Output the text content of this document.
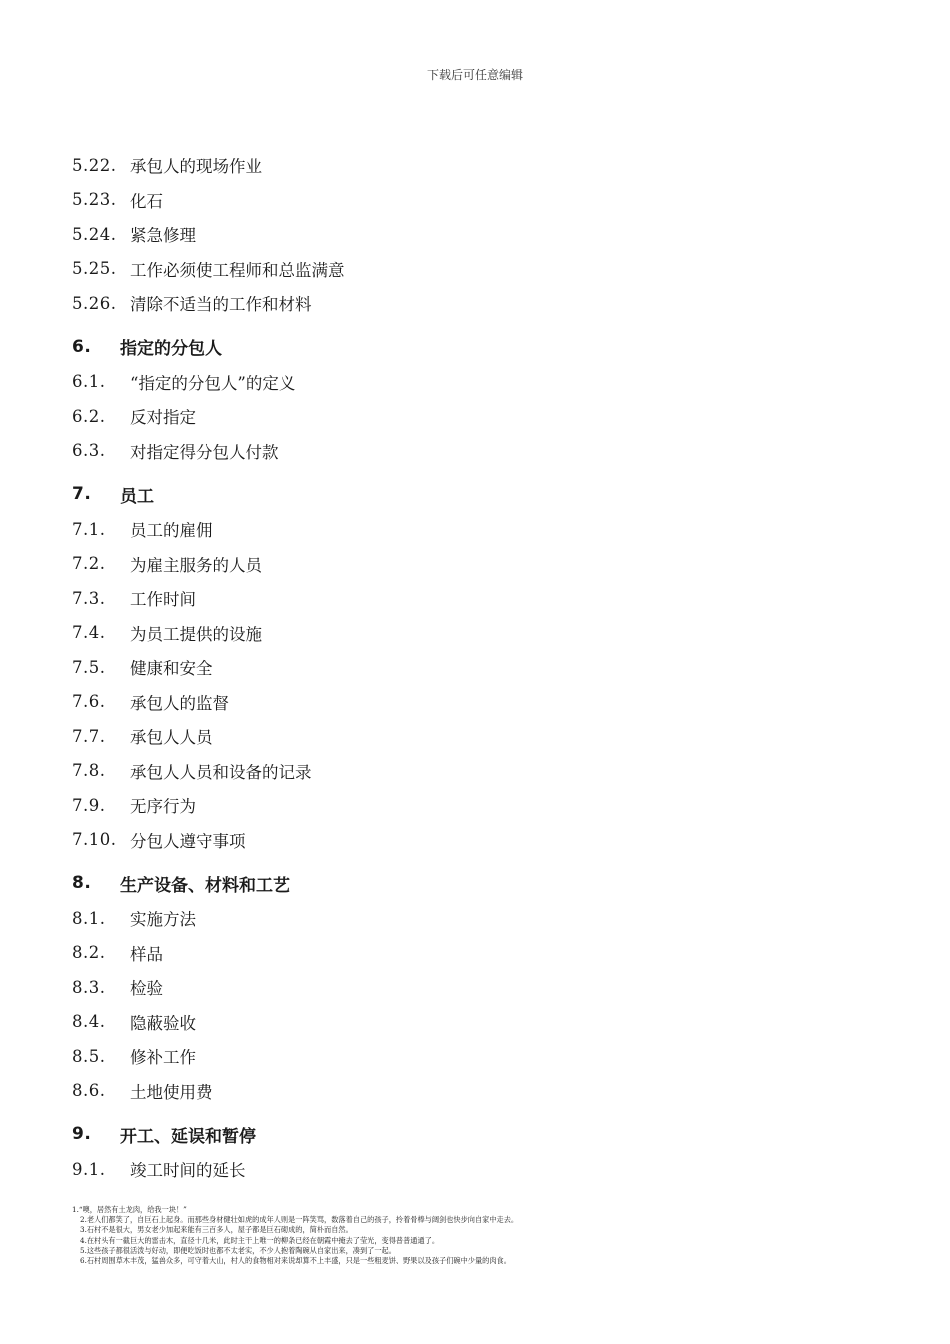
下载后可任意编辑
5.22. 承包人的现场作业
5.23. 化石
5.24. 紧急修理
5.25. 工作必须使工程师和总监满意
5.26. 清除不适当的工作和材料
6.	指定的分包人
6.1.	“指定的分包人”的定义
6.2.	反对指定
6.3.	对指定得分包人付款
7.	员工
7.1.	员工的雇佣
7.2.	为雇主服务的人员
7.3.	工作时间
7.4.	为员工提供的设施
7.5.	健康和安全
7.6.	承包人的监督
7.7.	承包人人员
7.8.	承包人人员和设备的记录
7.9.	无序行为
7.10. 分包人遵守事项
8.	生产设备、材料和工艺
8.1.	实施方法
8.2.	样品
8.3.	检验
8.4.	隐蔽验收
8.5.	修补工作
8.6.	土地使用费
9.	开工、延误和暂停
9.1.	竣工时间的延长
1.“噢，居然有土龙肉，给我一块！”
2.老人们都笑了，自巨石上起身。而那些身材健壮如虎的成年人则是一阵笑骂，数落着自己的孩子，拎着骨棒与阔剑也快步向自家中走去。
3.石村不是很大，男女老少加起来能有三百多人，屋子都是巨石砌成的，简朴而自然。
4.在村头有一截巨大的雷击木，直径十几米，此时主干上唯一的柳条已经在朝霞中掩去了莹光，变得普普通通了。
5.这些孩子都很活泼与好动，即便吃饭时也都不太老实，不少人抱着陶碗从自家出来，凑到了一起。
6.石村周围草木丰茂，猛兽众多，可守着大山，村人的食物相对来说却算不上丰盛，只是一些粗麦饼、野果以及孩子们碗中少量的肉食。
